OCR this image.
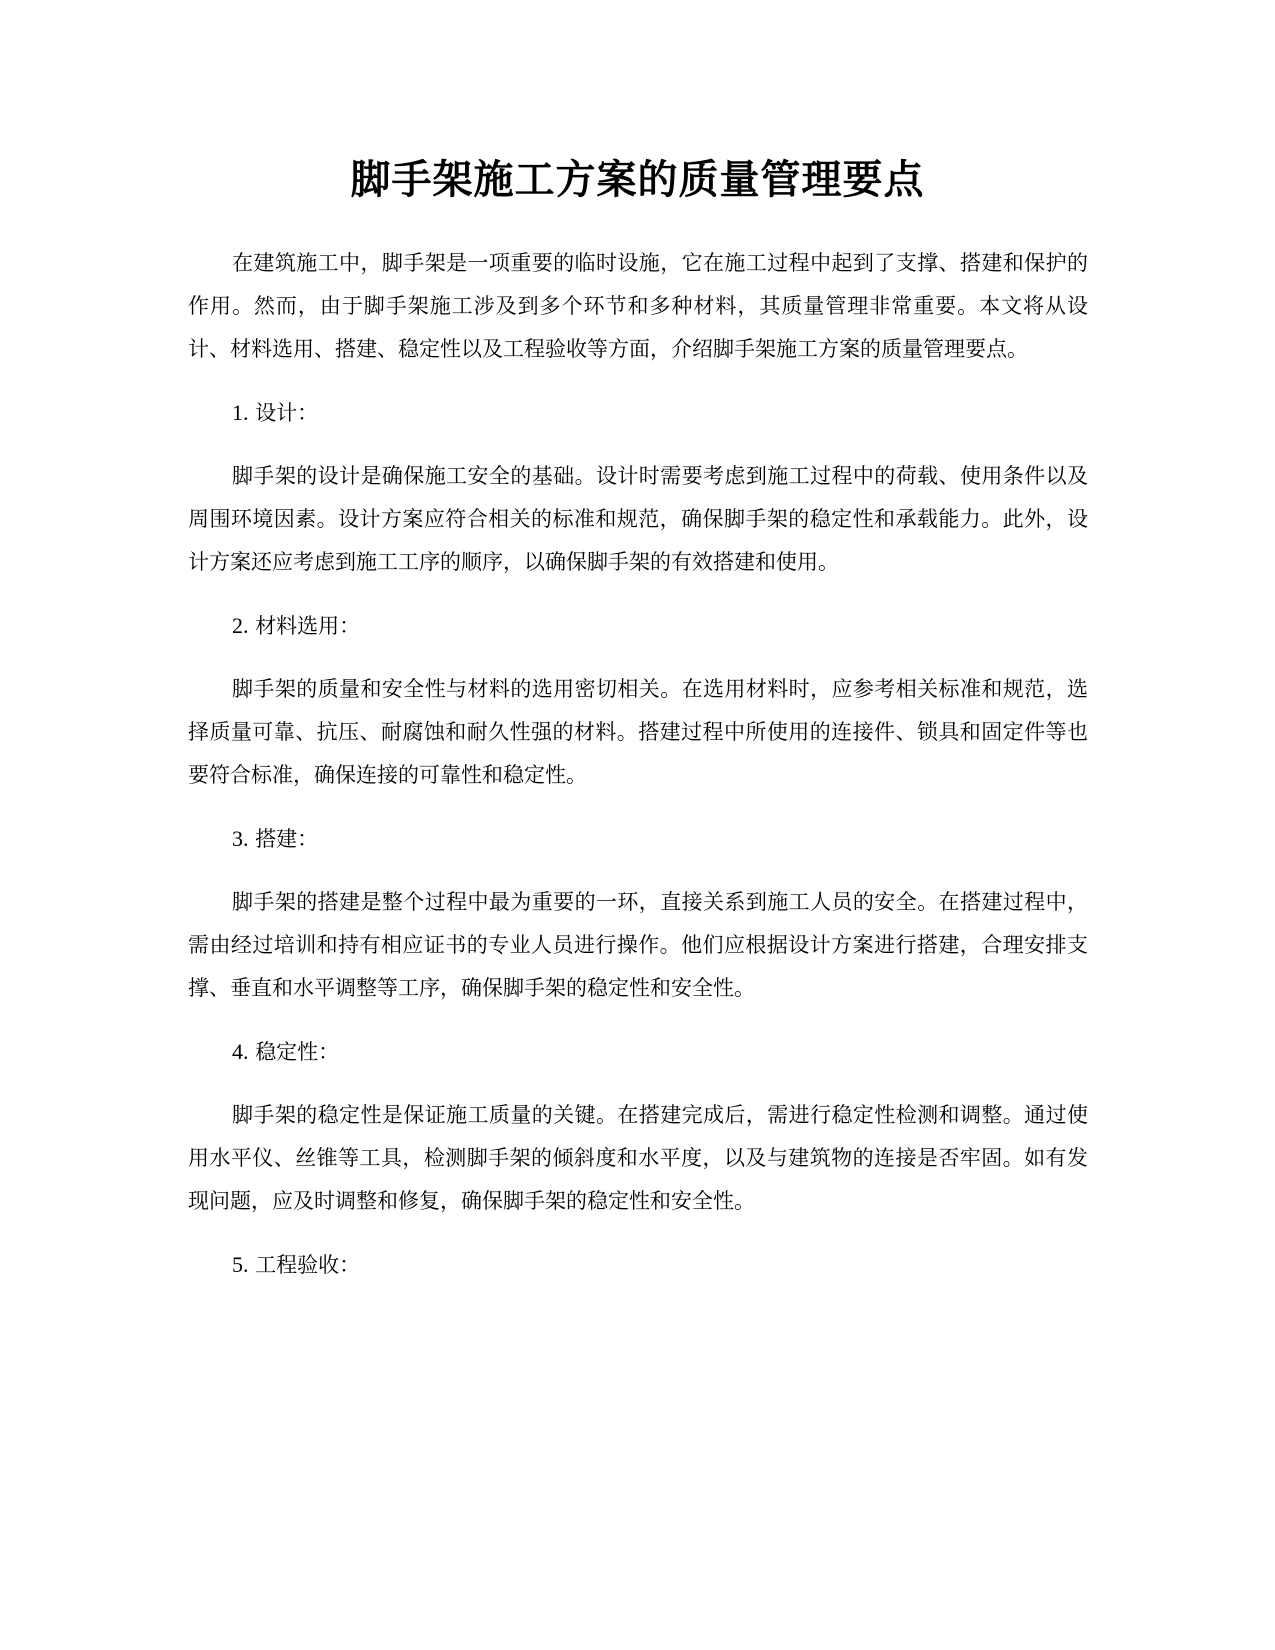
脚手架施工方案的质量管理要点

在建筑施工中，脚手架是一项重要的临时设施，它在施工过程中起到了支撑、搭建和保护的作用。然而，由于脚手架施工涉及到多个环节和多种材料，其质量管理非常重要。本文将从设计、材料选用、搭建、稳定性以及工程验收等方面，介绍脚手架施工方案的质量管理要点。

1. 设计：

脚手架的设计是确保施工安全的基础。设计时需要考虑到施工过程中的荷载、使用条件以及周围环境因素。设计方案应符合相关的标准和规范，确保脚手架的稳定性和承载能力。此外，设计方案还应考虑到施工工序的顺序，以确保脚手架的有效搭建和使用。

2. 材料选用：

脚手架的质量和安全性与材料的选用密切相关。在选用材料时，应参考相关标准和规范，选择质量可靠、抗压、耐腐蚀和耐久性强的材料。搭建过程中所使用的连接件、锁具和固定件等也要符合标准，确保连接的可靠性和稳定性。

3. 搭建：

脚手架的搭建是整个过程中最为重要的一环，直接关系到施工人员的安全。在搭建过程中，需由经过培训和持有相应证书的专业人员进行操作。他们应根据设计方案进行搭建，合理安排支撑、垂直和水平调整等工序，确保脚手架的稳定性和安全性。

4. 稳定性：

脚手架的稳定性是保证施工质量的关键。在搭建完成后，需进行稳定性检测和调整。通过使用水平仪、丝锥等工具，检测脚手架的倾斜度和水平度，以及与建筑物的连接是否牢固。如有发现问题，应及时调整和修复，确保脚手架的稳定性和安全性。

5. 工程验收：
